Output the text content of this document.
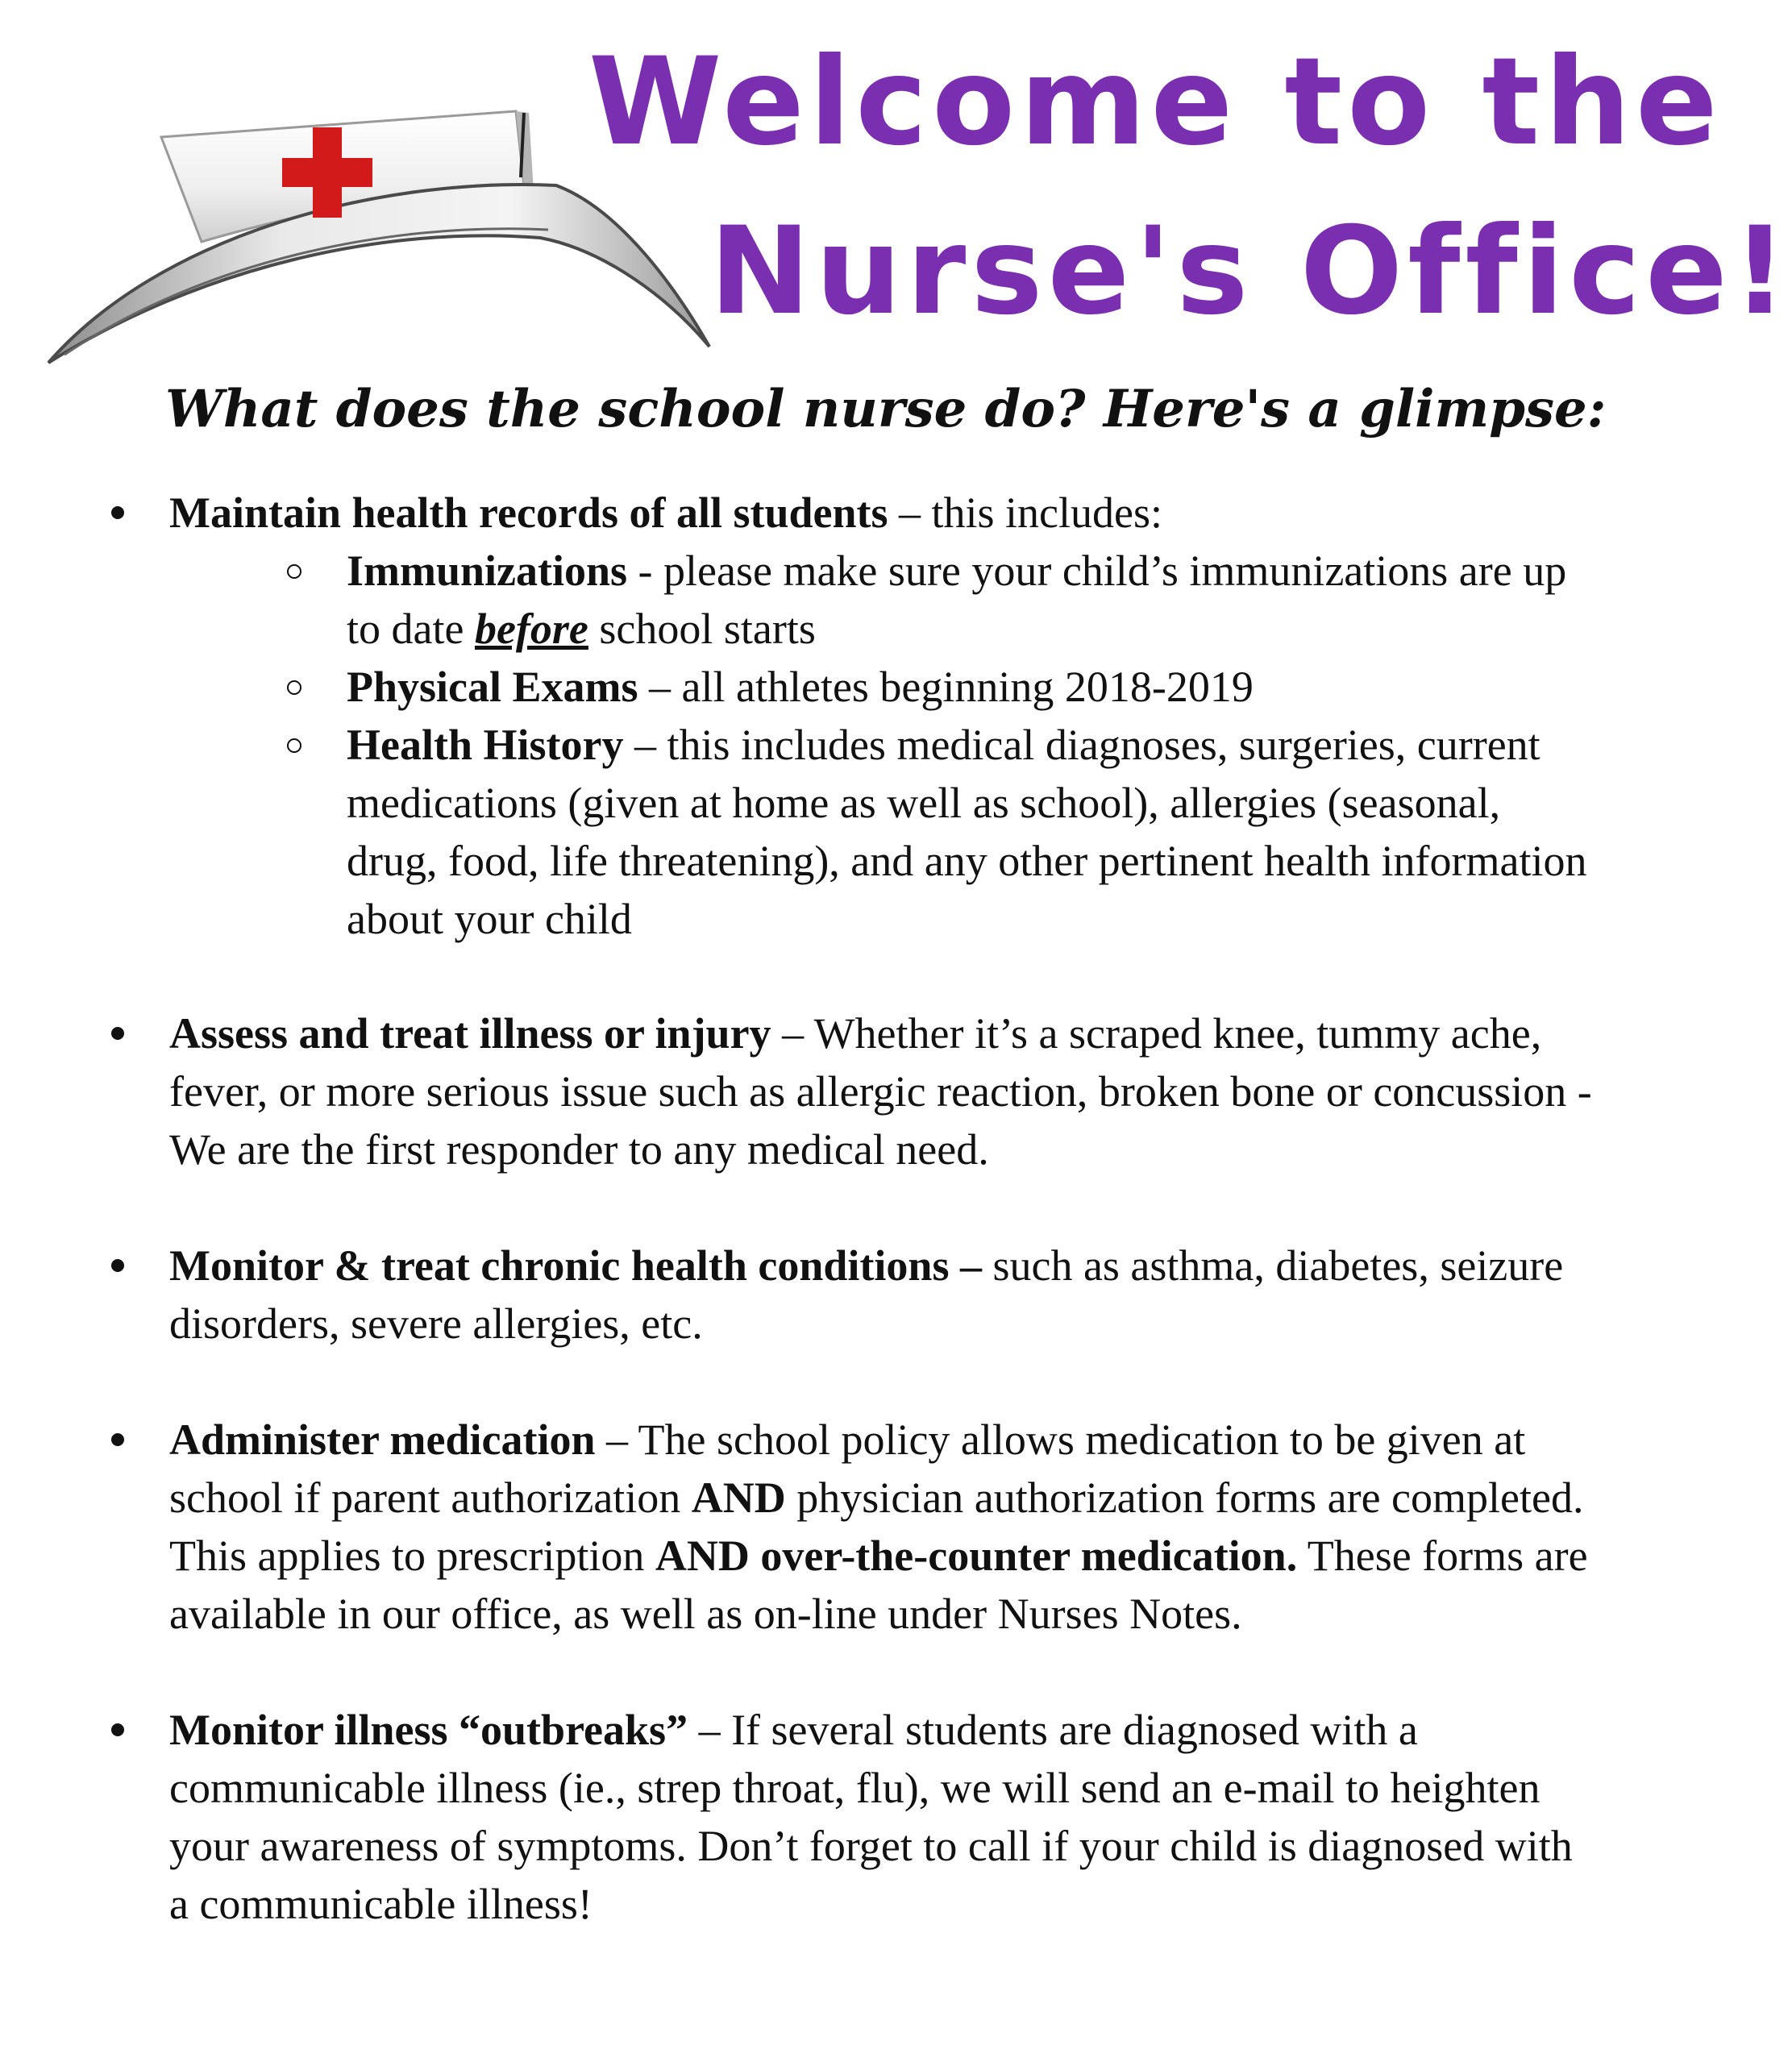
Welcome to the
Nurse's Office!
What does the school nurse do? Here's a glimpse:
Maintain health records of all students – this includes:
Immunizations - please make sure your child’s immunizations are up to date before school starts
Physical Exams – all athletes beginning 2018-2019
Health History – this includes medical diagnoses, surgeries, current medications (given at home as well as school), allergies (seasonal, drug, food, life threatening), and any other pertinent health information about your child
Assess and treat illness or injury – Whether it’s a scraped knee, tummy ache, fever, or more serious issue such as allergic reaction, broken bone or concussion - We are the first responder to any medical need.
Monitor & treat chronic health conditions – such as asthma, diabetes, seizure disorders, severe allergies, etc.
Administer medication – The school policy allows medication to be given at school if parent authorization AND physician authorization forms are completed. This applies to prescription AND over-the-counter medication. These forms are available in our office, as well as on-line under Nurses Notes.
Monitor illness “outbreaks” – If several students are diagnosed with a communicable illness (ie., strep throat, flu), we will send an e-mail to heighten your awareness of symptoms. Don’t forget to call if your child is diagnosed with a communicable illness!
